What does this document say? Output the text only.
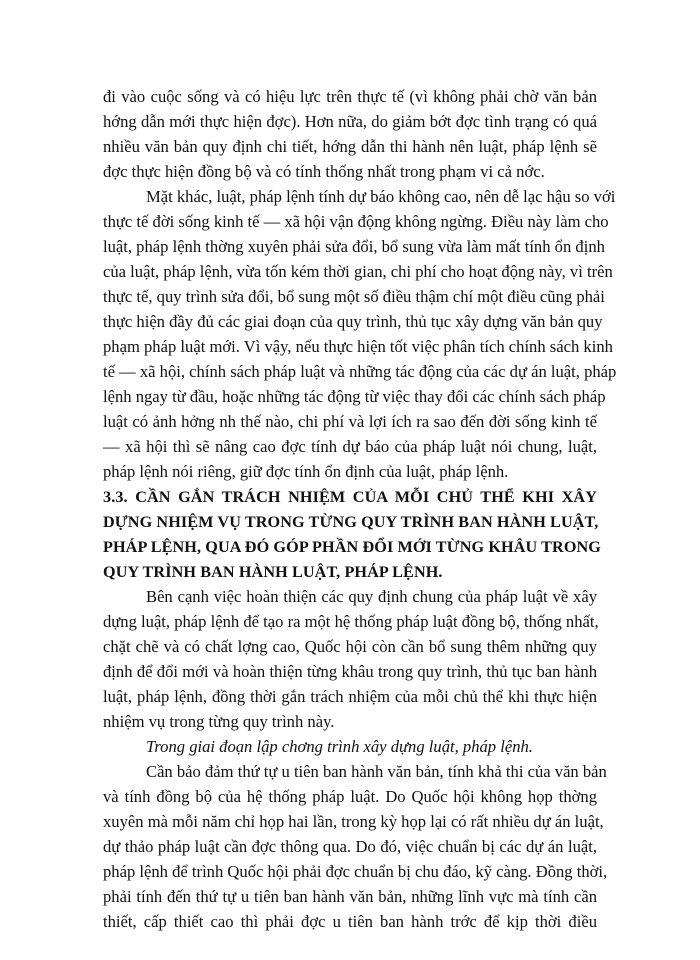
đi vào cuộc sống và có hiệu lực trên thực tế (vì không phải chờ văn bản
hớng dẫn mới thực hiện đợc). Hơn nữa, do giảm bớt đợc tình trạng có quá
nhiều văn bản quy định chi tiết, hớng dẫn thi hành nên luật, pháp lệnh sẽ
đợc thực hiện đồng bộ và có tính thống nhất trong phạm vi cả nớc.
Mặt khác, luật, pháp lệnh tính dự báo không cao, nên dễ lạc hậu so với
thực tế đời sống kinh tế — xã hội vận động không ngừng. Điều này làm cho
luật, pháp lệnh thờng xuyên phải sửa đổi, bổ sung vừa làm mất tính ổn định
của luật, pháp lệnh, vừa tốn kém thời gian, chi phí cho hoạt động này, vì trên
thực tế, quy trình sửa đổi, bổ sung một số điều thậm chí một điều cũng phải
thực hiện đầy đủ các giai đoạn của quy trình, thủ tục xây dựng văn bản quy
phạm pháp luật mới. Vì vậy, nếu thực hiện tốt việc phân tích chính sách kinh
tế — xã hội, chính sách pháp luật và những tác động của các dự án luật, pháp
lệnh ngay từ đầu, hoặc những tác động từ việc thay đổi các chính sách pháp
luật có ảnh hởng nh thế nào, chi phí và lợi ích ra sao đến đời sống kinh tế
— xã hội thì sẽ nâng cao đợc tính dự báo của pháp luật nói chung, luật,
pháp lệnh nói riêng, giữ đợc tính ổn định của luật, pháp lệnh.
3.3. CẦN GẮN TRÁCH NHIỆM CỦA MỖI CHỦ THỂ KHI XÂY
DỰNG NHIỆM VỤ TRONG TỪNG QUY TRÌNH BAN HÀNH LUẬT,
PHÁP LỆNH, QUA ĐÓ GÓP PHẦN ĐỔI MỚI TỪNG KHÂU TRONG
QUY TRÌNH BAN HÀNH LUẬT, PHÁP LỆNH.
Bên cạnh việc hoàn thiện các quy định chung của pháp luật về xây
dựng luật, pháp lệnh để tạo ra một hệ thống pháp luật đồng bộ, thống nhất,
chặt chẽ và có chất lợng cao, Quốc hội còn cần bổ sung thêm những quy
định để đổi mới và hoàn thiện từng khâu trong quy trình, thủ tục ban hành
luật, pháp lệnh, đồng thời gắn trách nhiệm của mỗi chủ thể khi thực hiện
nhiệm vụ trong từng quy trình này.
Trong giai đoạn lập chơng trình xây dựng luật, pháp lệnh.
Cần bảo đảm thứ tự u tiên ban hành văn bản, tính khả thi của văn bản
và tính đồng bộ của hệ thống pháp luật. Do Quốc hội không họp thờng
xuyên mà mỗi năm chỉ họp hai lần, trong kỳ họp lại có rất nhiều dự án luật,
dự thảo pháp luật cần đợc thông qua. Do đó, việc chuẩn bị các dự án luật,
pháp lệnh để trình Quốc hội phải đợc chuẩn bị chu đáo, kỹ càng. Đồng thời,
phải tính đến thứ tự u tiên ban hành văn bản, những lĩnh vực mà tính cần
thiết, cấp thiết cao thì phải đợc u tiên ban hành trớc để kịp thời điều
